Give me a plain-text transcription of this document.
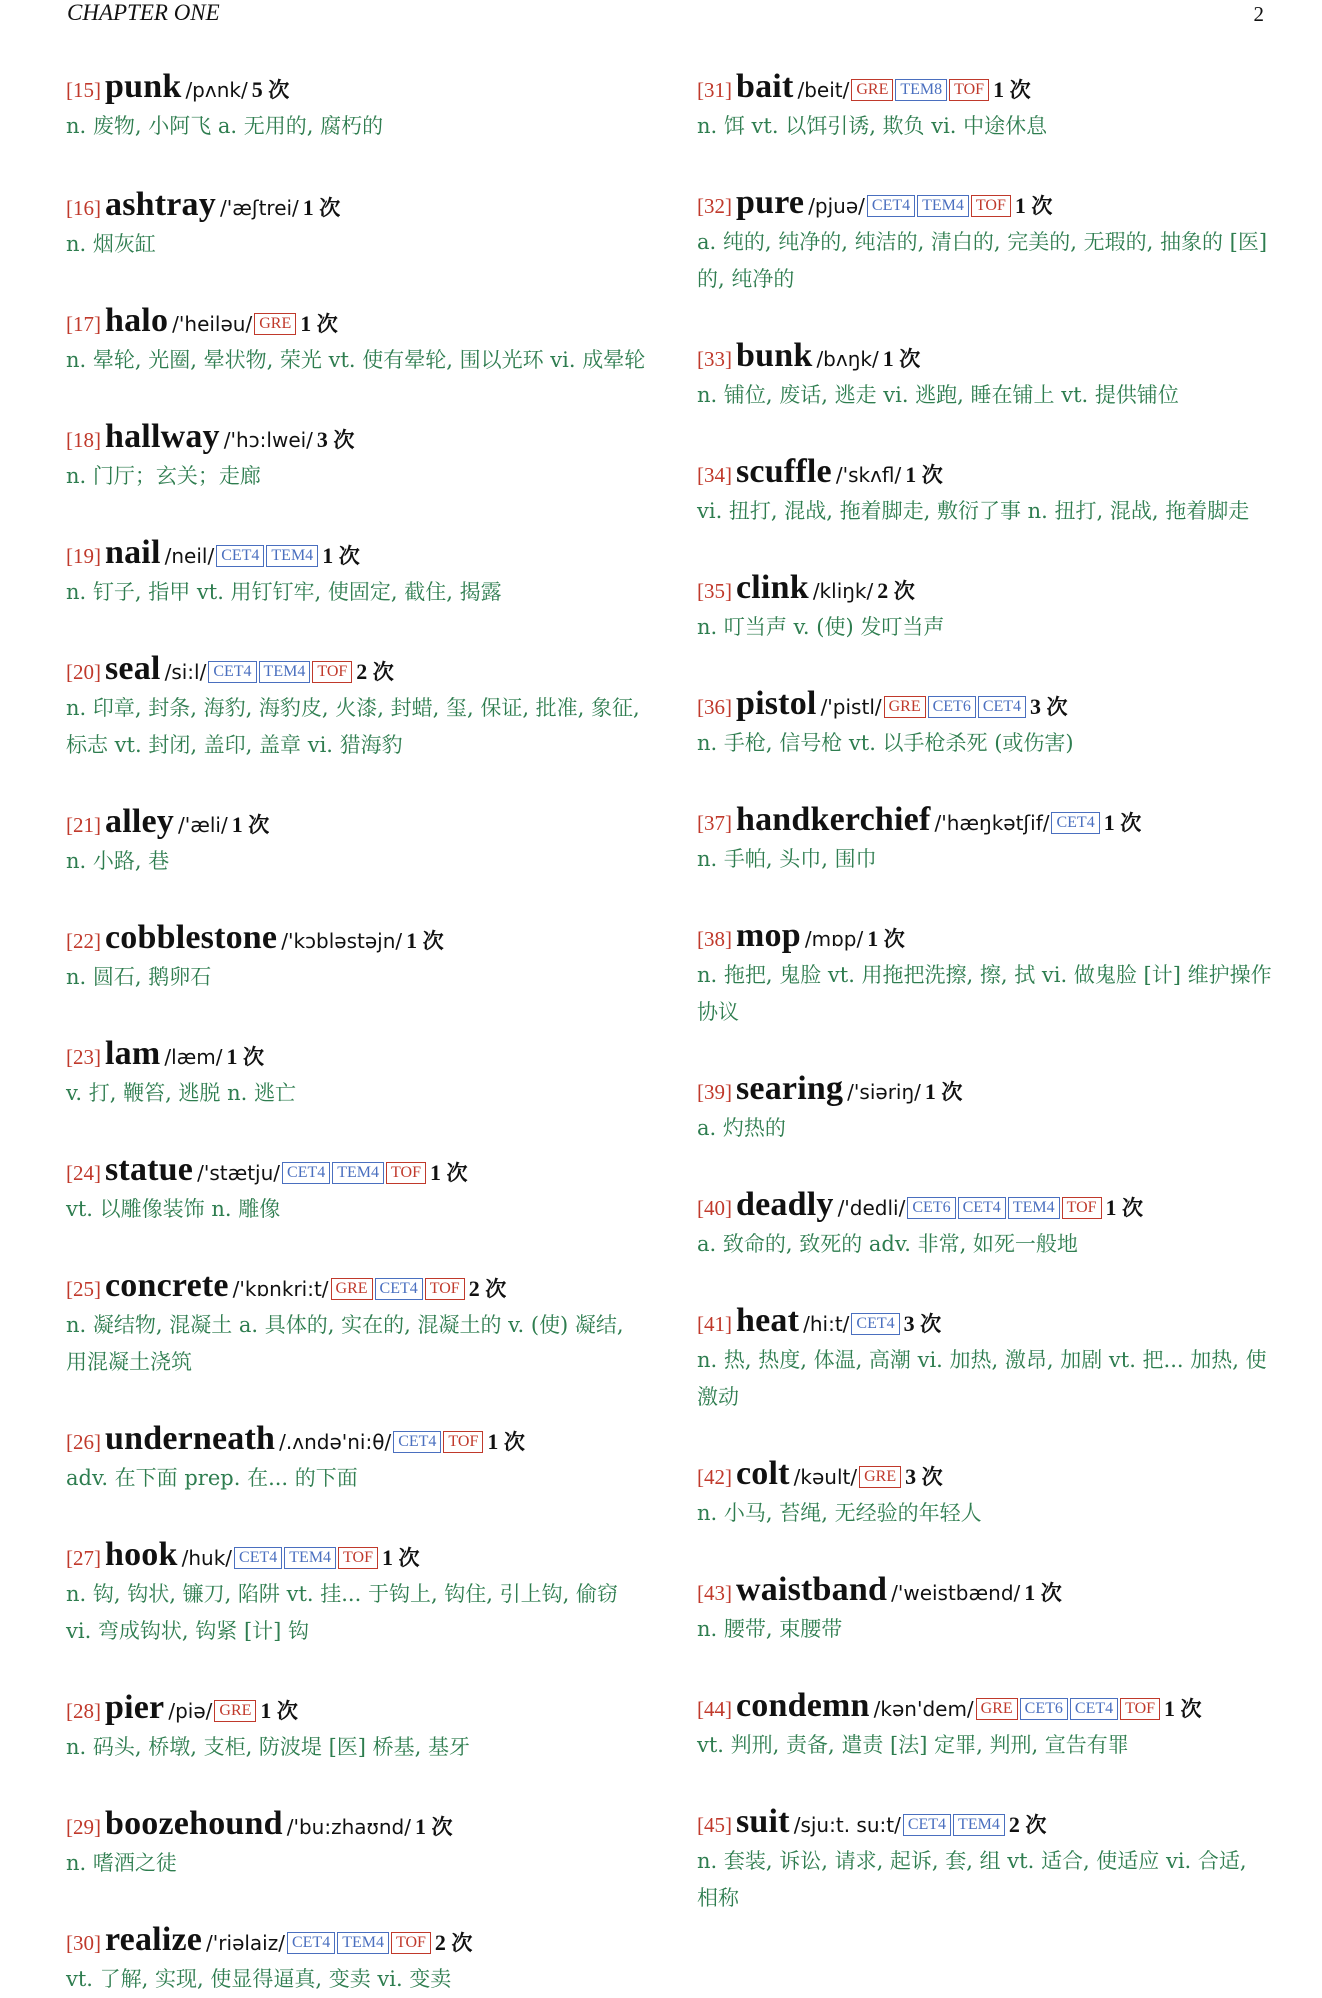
CHAPTER ONE	2
[15] punk /pʌnk/ 5 次
n. 废物, 小阿飞 a. 无用的, 腐朽的
[16] ashtray /'æʃtrei/ 1 次
n. 烟灰缸
[17] halo /'heiləu/ GRE 1 次
n. 晕轮, 光圈, 晕状物, 荣光 vt. 使有晕轮, 围以光环 vi. 成晕轮
[18] hallway /'hɔ:lwei/ 3 次
n. 门厅；玄关；走廊
[19] nail /neil/ CET4 TEM4 1 次
n. 钉子, 指甲 vt. 用钉钉牢, 使固定, 截住, 揭露
[20] seal /si:l/ CET4 TEM4 TOF 2 次
n. 印章, 封条, 海豹, 海豹皮, 火漆, 封蜡, 玺, 保证, 批准, 象征, 标志 vt. 封闭, 盖印, 盖章 vi. 猎海豹
[21] alley /'æli/ 1 次
n. 小路, 巷
[22] cobblestone /'kɔbləstəjn/ 1 次
n. 圆石, 鹅卵石
[23] lam /læm/ 1 次
v. 打, 鞭笞, 逃脱 n. 逃亡
[24] statue /'stætju/ CET4 TEM4 TOF 1 次
vt. 以雕像装饰 n. 雕像
[25] concrete /'kɒnkri:t/ GRE CET4 TOF 2 次
n. 凝结物, 混凝土 a. 具体的, 实在的, 混凝土的 v. (使) 凝结, 用混凝土浇筑
[26] underneath /.ʌndə'ni:θ/ CET4 TOF 1 次
adv. 在下面 prep. 在... 的下面
[27] hook /huk/ CET4 TEM4 TOF 1 次
n. 钩, 钩状, 镰刀, 陷阱 vt. 挂... 于钩上, 钩住, 引上钩, 偷窃 vi. 弯成钩状, 钩紧 [计] 钩
[28] pier /piə/ GRE 1 次
n. 码头, 桥墩, 支柜, 防波堤 [医] 桥基, 基牙
[29] boozehound /'bu:zhaʊnd/ 1 次
n. 嗜酒之徒
[30] realize /'riəlaiz/ CET4 TEM4 TOF 2 次
vt. 了解, 实现, 使显得逼真, 变卖 vi. 变卖
[31] bait /beit/ GRE TEM8 TOF 1 次
n. 饵 vt. 以饵引诱, 欺负 vi. 中途休息
[32] pure /pjuə/ CET4 TEM4 TOF 1 次
a. 纯的, 纯净的, 纯洁的, 清白的, 完美的, 无瑕的, 抽象的 [医] 的, 纯净的
[33] bunk /bʌŋk/ 1 次
n. 铺位, 废话, 逃走 vi. 逃跑, 睡在铺上 vt. 提供铺位
[34] scuffle /'skʌfl/ 1 次
vi. 扭打, 混战, 拖着脚走, 敷衍了事 n. 扭打, 混战, 拖着脚走
[35] clink /kliŋk/ 2 次
n. 叮当声 v. (使) 发叮当声
[36] pistol /'pistl/ GRE CET6 CET4 3 次
n. 手枪, 信号枪 vt. 以手枪杀死 (或伤害)
[37] handkerchief /'hæŋkətʃif/ CET4 1 次
n. 手帕, 头巾, 围巾
[38] mop /mɒp/ 1 次
n. 拖把, 鬼脸 vt. 用拖把洗擦, 擦, 拭 vi. 做鬼脸 [计] 维护操作协议
[39] searing /'siəriŋ/ 1 次
a. 灼热的
[40] deadly /'dedli/ CET6 CET4 TEM4 TOF 1 次
a. 致命的, 致死的 adv. 非常, 如死一般地
[41] heat /hi:t/ CET4 3 次
n. 热, 热度, 体温, 高潮 vi. 加热, 激昂, 加剧 vt. 把... 加热, 使激动
[42] colt /kəult/ GRE 3 次
n. 小马, 苔绳, 无经验的年轻人
[43] waistband /'weistbænd/ 1 次
n. 腰带, 束腰带
[44] condemn /kən'dem/ GRE CET6 CET4 TOF 1 次
vt. 判刑, 责备, 遣责 [法] 定罪, 判刑, 宣告有罪
[45] suit /sju:t. su:t/ CET4 TEM4 2 次
n. 套装, 诉讼, 请求, 起诉, 套, 组 vt. 适合, 使适应 vi. 合适, 相称
